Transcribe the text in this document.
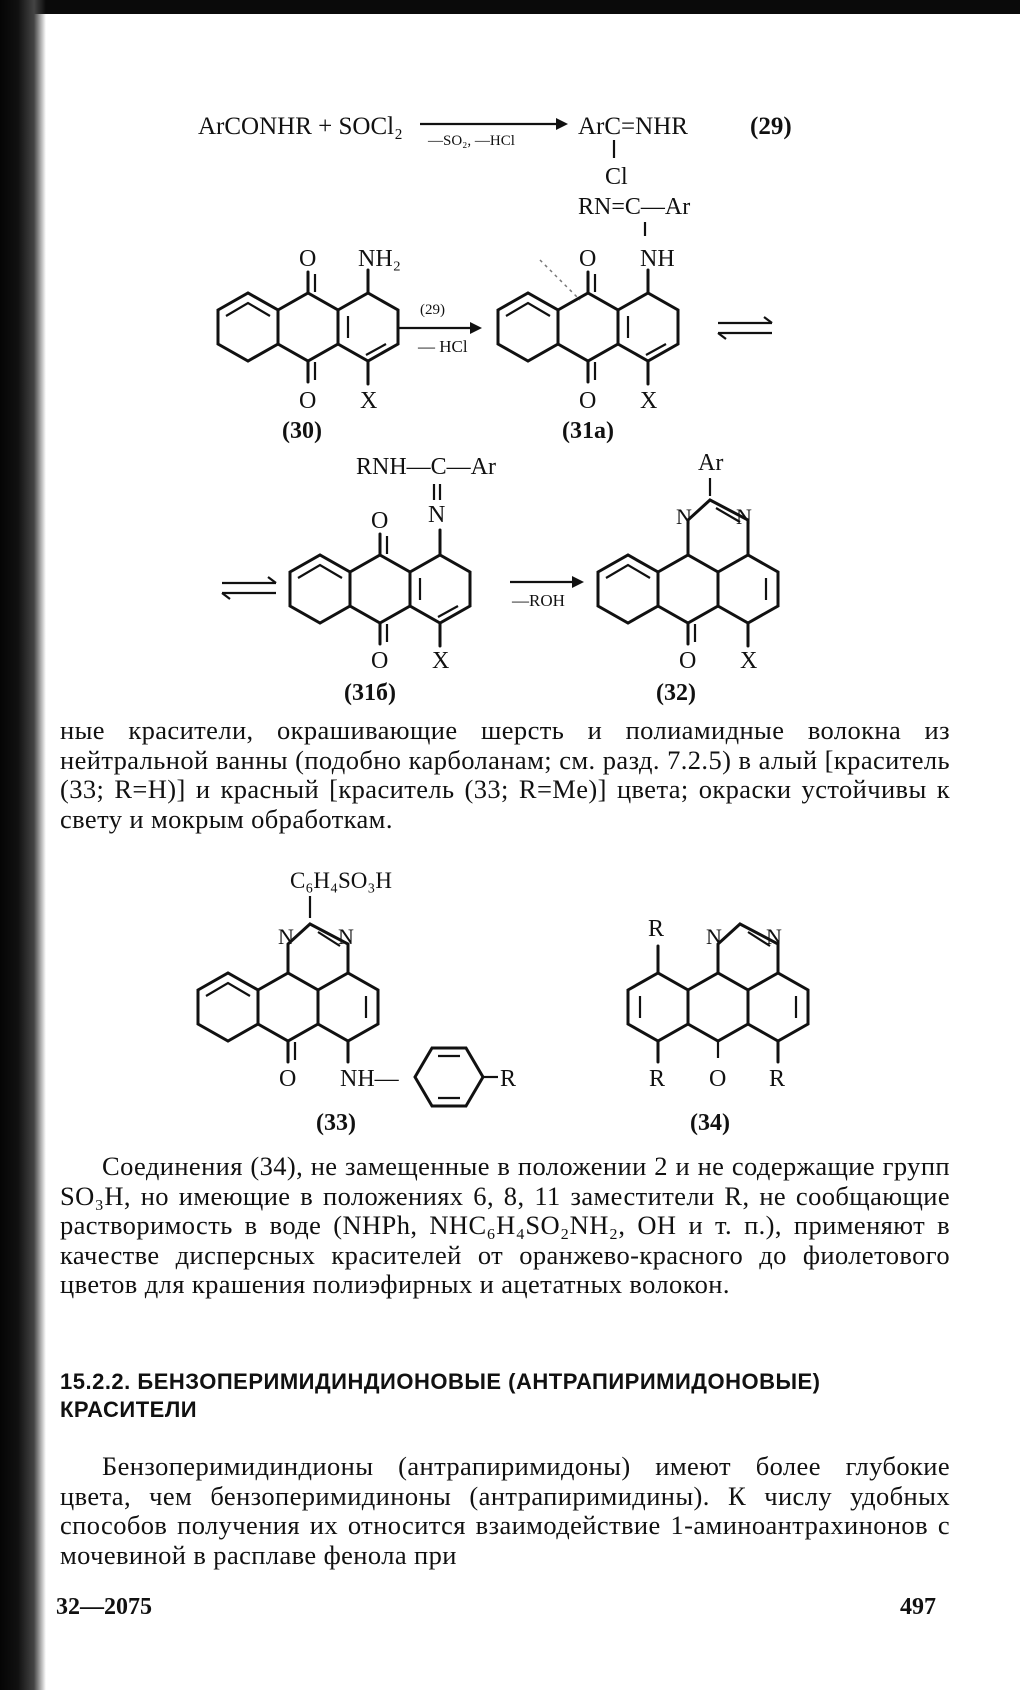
ArCONHR + SOCl₂
—SO₂, —HCl
ArC=NHR
Cl
(29)
O NH₂
O X
(30)
(29)
— HCl
RN=C—Ar
O NH
O X
(31a)
RNH—C—Ar
N
O
O X
(31б)
—ROH
Ar
N N
O X
(32)
C₆H₄SO₃H
N N
O NH—	R
(33)
R N N
R O R
(34)

ные красители, окрашивающие шерсть и полиамидные волокна из нейтральной ванны (подобно карболанам; см. разд. 7.2.5) в алый [краситель (33; R=H)] и красный [краситель (33; R=Me)] цвета; окраски устойчивы к свету и мокрым обработкам.

Соединения (34), не замещенные в положении 2 и не содержащие групп SO₃H, но имеющие в положениях 6, 8, 11 заместители R, не сообщающие растворимость в воде (NHPh, NHC₆H₄SO₂NH₂, OH и т. п.), применяют в качестве дисперсных красителей от оранжево-красного до фиолетового цветов для крашения полиэфирных и ацетатных волокон.

15.2.2. БЕНЗОПЕРИМИДИНДИОНОВЫЕ (АНТРАПИРИМИДОНОВЫЕ) КРАСИТЕЛИ

Бензоперимидиндионы (антрапиримидоны) имеют более глубокие цвета, чем бензоперимидиноны (антрапиримидины). К числу удобных способов получения их относится взаимодействие 1-аминоантрахинонов с мочевиной в расплаве фенола при

32—2075	497
